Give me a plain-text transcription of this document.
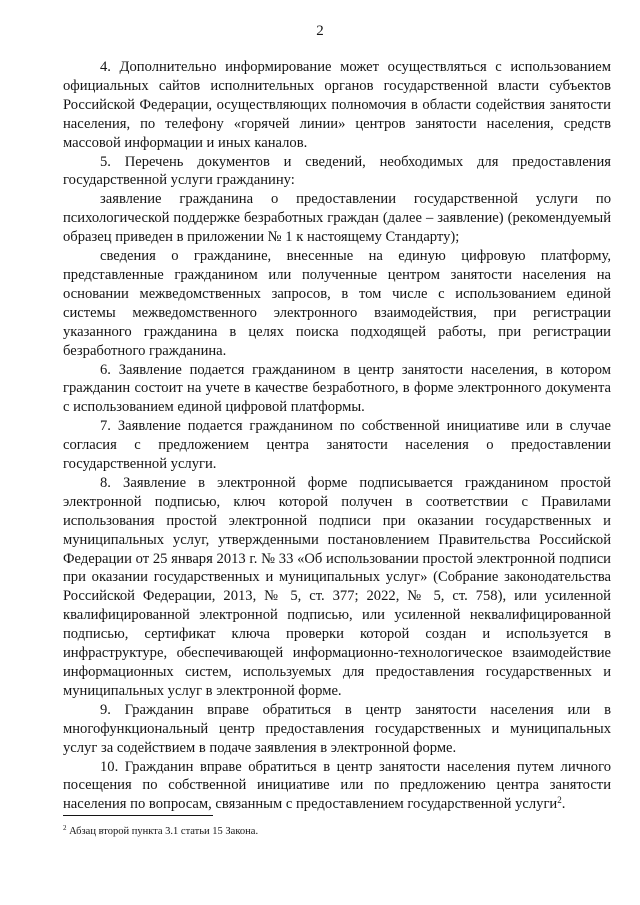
2

4. Дополнительно информирование может осуществляться с использованием официальных сайтов исполнительных органов государственной власти субъектов Российской Федерации, осуществляющих полномочия в области содействия занятости населения, по телефону «горячей линии» центров занятости населения, средств массовой информации и иных каналов.

5. Перечень документов и сведений, необходимых для предоставления государственной услуги гражданину:

заявление гражданина о предоставлении государственной услуги по психологической поддержке безработных граждан (далее – заявление) (рекомендуемый образец приведен в приложении № 1 к настоящему Стандарту);

сведения о гражданине, внесенные на единую цифровую платформу, представленные гражданином или полученные центром занятости населения на основании межведомственных запросов, в том числе с использованием единой системы межведомственного электронного взаимодействия, при регистрации указанного гражданина в целях поиска подходящей работы, при регистрации безработного гражданина.

6. Заявление подается гражданином в центр занятости населения, в котором гражданин состоит на учете в качестве безработного, в форме электронного документа с использованием единой цифровой платформы.

7. Заявление подается гражданином по собственной инициативе или в случае согласия с предложением центра занятости населения о предоставлении государственной услуги.

8. Заявление в электронной форме подписывается гражданином простой электронной подписью, ключ которой получен в соответствии с Правилами использования простой электронной подписи при оказании государственных и муниципальных услуг, утвержденными постановлением Правительства Российской Федерации от 25 января 2013 г. № 33 «Об использовании простой электронной подписи при оказании государственных и муниципальных услуг» (Собрание законодательства Российской Федерации, 2013, № 5, ст. 377; 2022, № 5, ст. 758), или усиленной квалифицированной электронной подписью, или усиленной неквалифицированной подписью, сертификат ключа проверки которой создан и используется в инфраструктуре, обеспечивающей информационно-технологическое взаимодействие информационных систем, используемых для предоставления государственных и муниципальных услуг в электронной форме.

9. Гражданин вправе обратиться в центр занятости населения или в многофункциональный центр предоставления государственных и муниципальных услуг за содействием в подаче заявления в электронной форме.

10. Гражданин вправе обратиться в центр занятости населения путем личного посещения по собственной инициативе или по предложению центра занятости населения по вопросам, связанным с предоставлением государственной услуги$^2$.

$^2$ Абзац второй пункта 3.1 статьи 15 Закона.
